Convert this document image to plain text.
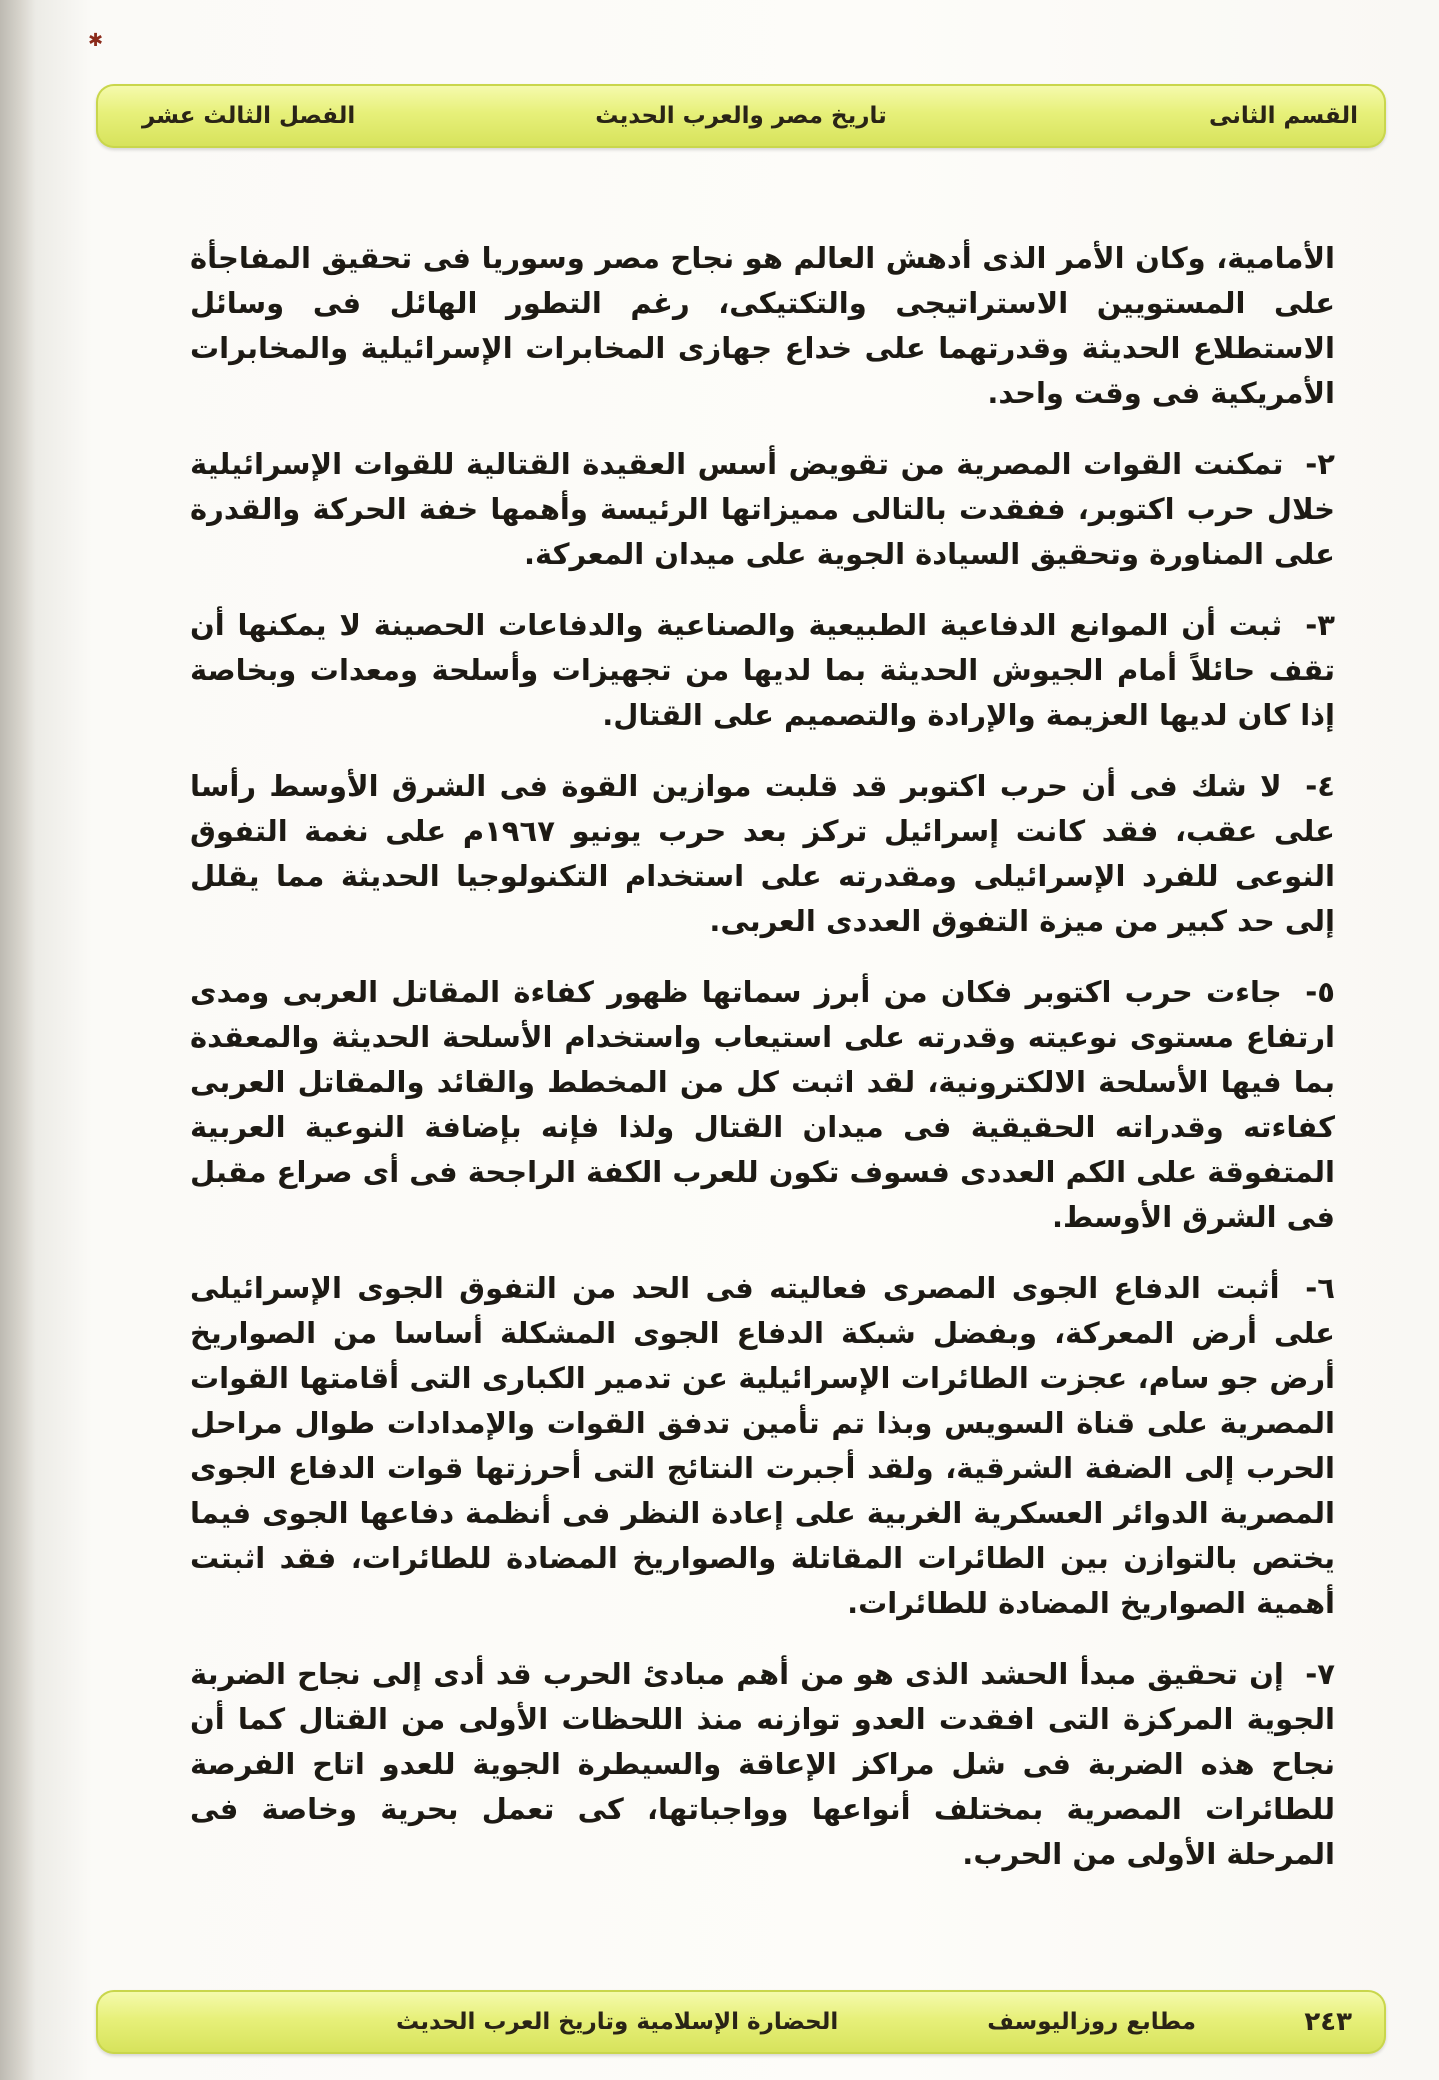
✱
القسم الثانى
تاريخ مصر والعرب الحديث
الفصل الثالث عشر

الأمامية، وكان الأمر الذى أدهش العالم هو نجاح مصر وسوريا فى تحقيق المفاجأة على المستويين الاستراتيجى والتكتيكى، رغم التطور الهائل فى وسائل الاستطلاع الحديثة وقدرتهما على خداع جهازى المخابرات الإسرائيلية والمخابرات الأمريكية فى وقت واحد.

٢- تمكنت القوات المصرية من تقويض أسس العقيدة القتالية للقوات الإسرائيلية خلال حرب اكتوبر، ففقدت بالتالى مميزاتها الرئيسة وأهمها خفة الحركة والقدرة على المناورة وتحقيق السيادة الجوية على ميدان المعركة.

٣- ثبت أن الموانع الدفاعية الطبيعية والصناعية والدفاعات الحصينة لا يمكنها أن تقف حائلاً أمام الجيوش الحديثة بما لديها من تجهيزات وأسلحة ومعدات وبخاصة إذا كان لديها العزيمة والإرادة والتصميم على القتال.

٤- لا شك فى أن حرب اكتوبر قد قلبت موازين القوة فى الشرق الأوسط رأسا على عقب، فقد كانت إسرائيل تركز بعد حرب يونيو ١٩٦٧م على نغمة التفوق النوعى للفرد الإسرائيلى ومقدرته على استخدام التكنولوجيا الحديثة مما يقلل إلى حد كبير من ميزة التفوق العددى العربى.

٥- جاءت حرب اكتوبر فكان من أبرز سماتها ظهور كفاءة المقاتل العربى ومدى ارتفاع مستوى نوعيته وقدرته على استيعاب واستخدام الأسلحة الحديثة والمعقدة بما فيها الأسلحة الالكترونية، لقد اثبت كل من المخطط والقائد والمقاتل العربى كفاءته وقدراته الحقيقية فى ميدان القتال ولذا فإنه بإضافة النوعية العربية المتفوقة على الكم العددى فسوف تكون للعرب الكفة الراجحة فى أى صراع مقبل فى الشرق الأوسط.

٦- أثبت الدفاع الجوى المصرى فعاليته فى الحد من التفوق الجوى الإسرائيلى على أرض المعركة، وبفضل شبكة الدفاع الجوى المشكلة أساسا من الصواريخ أرض جو سام، عجزت الطائرات الإسرائيلية عن تدمير الكبارى التى أقامتها القوات المصرية على قناة السويس وبذا تم تأمين تدفق القوات والإمدادات طوال مراحل الحرب إلى الضفة الشرقية، ولقد أجبرت النتائج التى أحرزتها قوات الدفاع الجوى المصرية الدوائر العسكرية الغربية على إعادة النظر فى أنظمة دفاعها الجوى فيما يختص بالتوازن بين الطائرات المقاتلة والصواريخ المضادة للطائرات، فقد اثبتت أهمية الصواريخ المضادة للطائرات.

٧- إن تحقيق مبدأ الحشد الذى هو من أهم مبادئ الحرب قد أدى إلى نجاح الضربة الجوية المركزة التى افقدت العدو توازنه منذ اللحظات الأولى من القتال كما أن نجاح هذه الضربة فى شل مراكز الإعاقة والسيطرة الجوية للعدو اتاح الفرصة للطائرات المصرية بمختلف أنواعها وواجباتها، كى تعمل بحرية وخاصة فى المرحلة الأولى من الحرب.

٢٤٣
مطابع روزاليوسف
الحضارة الإسلامية وتاريخ العرب الحديث
